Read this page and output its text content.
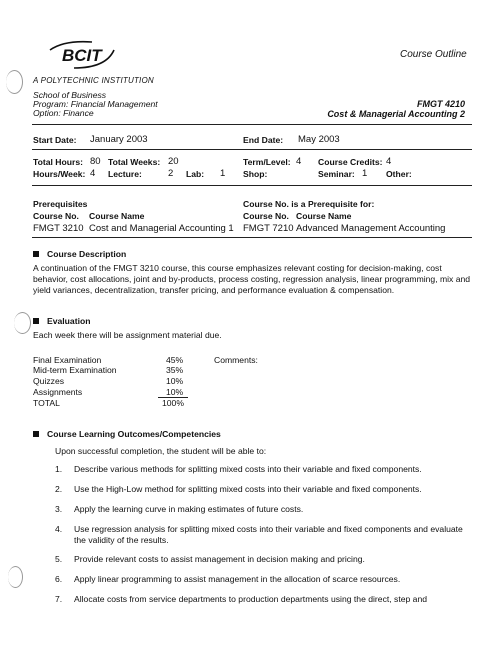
BCIT
A POLYTECHNIC INSTITUTION
Course Outline
School of Business
Program: Financial Management
Option: Finance
FMGT 4210
Cost & Managerial Accounting 2
Start Date: January 2003	End Date: May 2003
Total Hours: 80 Total Weeks: 20	Term/Level: 4 Course Credits: 4
Hours/Week: 4 Lecture:	2 Lab: 1 Shop:	Seminar: 1 Other:
Prerequisites	Course No. is a Prerequisite for:
Course No. Course Name	Course No. Course Name
FMGT 3210 Cost and Managerial Accounting 1 FMGT 7210 Advanced Management Accounting
Course Description
A continuation of the FMGT 3210 course, this course emphasizes relevant costing for decision-making, cost behavior, cost allocations, joint and by-products, process costing, regression analysis, linear programming, mix and yield variances, decentralization, transfer pricing, and performance evaluation & compensation.
Evaluation
Each week there will be assignment material due.
Final Examination	45%
Mid-term Examination	35%
Quizzes	10%
Assignments	10%
TOTAL	100%
Comments:
Course Learning Outcomes/Competencies
Upon successful completion, the student will be able to:
1. Describe various methods for splitting mixed costs into their variable and fixed components.
2. Use the High-Low method for splitting mixed costs into their variable and fixed components.
3. Apply the learning curve in making estimates of future costs.
4. Use regression analysis for splitting mixed costs into their variable and fixed components and evaluate the validity of the results.
5. Provide relevant costs to assist management in decision making and pricing.
6. Apply linear programming to assist management in the allocation of scarce resources.
7. Allocate costs from service departments to production departments using the direct, step and
